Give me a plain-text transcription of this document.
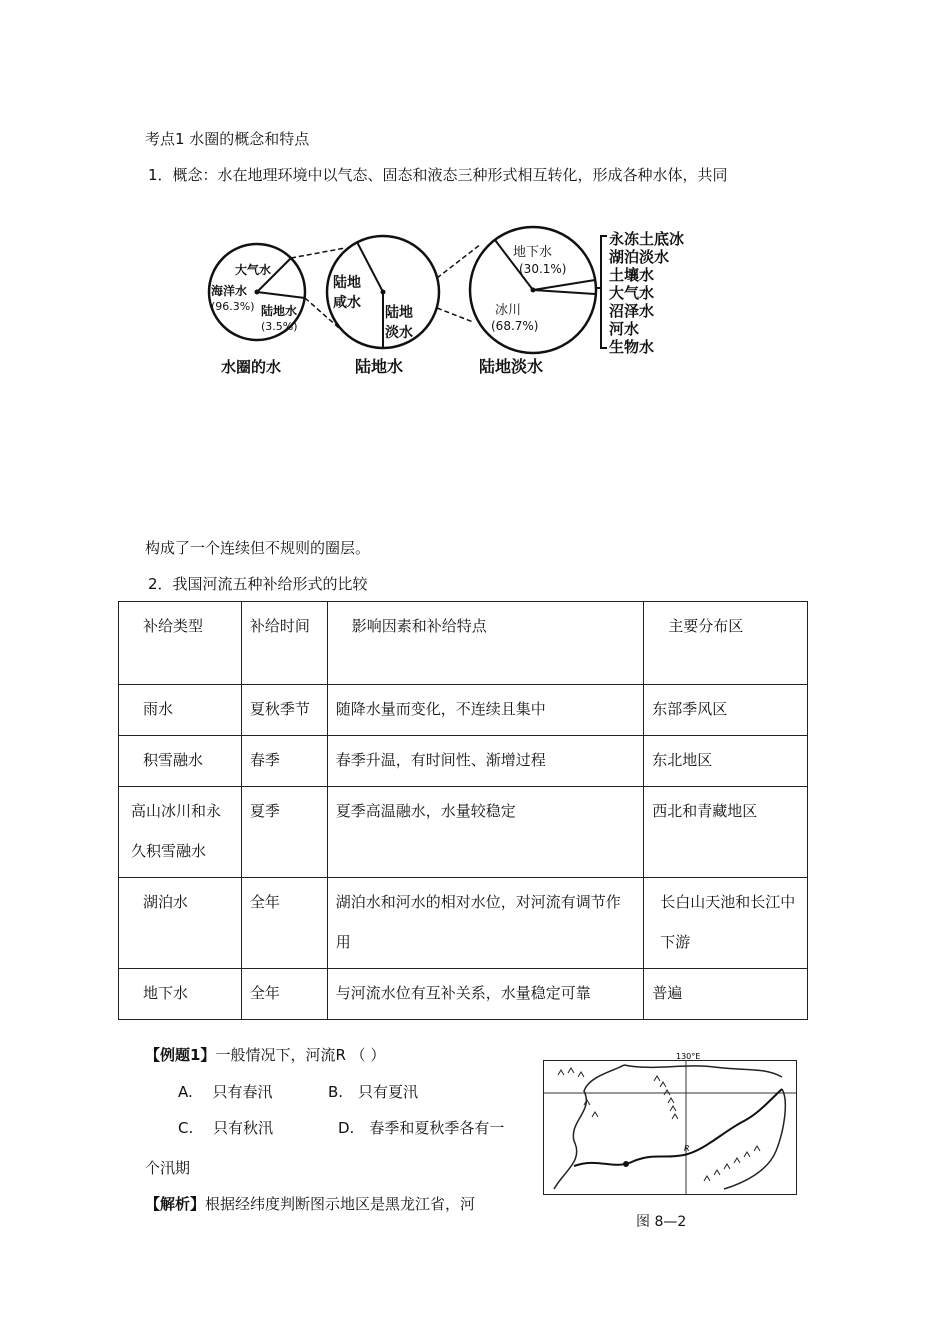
考点1 水圈的概念和特点
1．概念：水在地理环境中以气态、固态和液态三种形式相互转化，形成各种水体，共同
大气水
海洋水
(96.3%) 陆地水
(3.5%)
水圈的水
陆地
咸水
陆地
淡水
陆地水
地下水
(30.1%)
冰川
(68.7%)
陆地淡水
永冻土底冰
湖泊淡水
土壤水
大气水
沼泽水
河水
生物水
构成了一个连续但不规则的圈层。
2．我国河流五种补给形式的比较
补给类型	补给时间	影响因素和补给特点	主要分布区
雨水	夏秋季节	随降水量而变化，不连续且集中	东部季风区
积雪融水	春季	春季升温，有时间性、渐增过程	东北地区
高山冰川和永久积雪融水	夏季	夏季高温融水，水量较稳定	西北和青藏地区
湖泊水	全年	湖泊水和河水的相对水位，对河流有调节作用	长白山天池和长江中下游
地下水	全年	与河流水位有互补关系，水量稳定可靠	普遍
【例题1】一般情况下，河流R （ ）
A.　 只有春汛	B.　只有夏汛
C.　 只有秋汛	D.　春季和夏秋季各有一
个汛期
【解析】根据经纬度判断图示地区是黑龙江省，河
130°E
R
图 8—2
